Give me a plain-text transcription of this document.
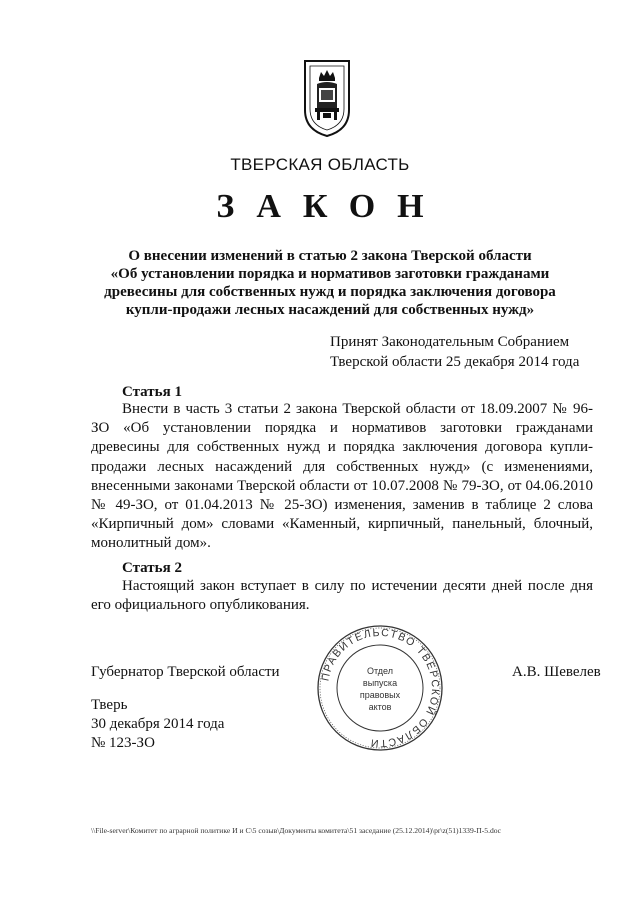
ТВЕРСКАЯ ОБЛАСТЬ
ЗАКОН
О внесении изменений в статью 2 закона Тверской области
«Об установлении порядка и нормативов заготовки гражданами
древесины для собственных нужд и порядка заключения договора
купли-продажи лесных насаждений для собственных нужд»
Принят Законодательным Собранием
Тверской области 25 декабря 2014 года
Статья 1
Внести в часть 3 статьи 2 закона Тверской области от 18.09.2007 № 96-ЗО «Об установлении порядка и нормативов заготовки гражданами древесины для собственных нужд и порядка заключения договора купли-продажи лесных насаждений для собственных нужд» (с изменениями, внесенными законами Тверской области от 10.07.2008 № 79-ЗО, от 04.06.2010 № 49-ЗО, от 01.04.2013 № 25-ЗО) изменения, заменив в таблице 2 слова «Кирпичный дом» словами «Каменный, кирпичный, панельный, блочный, монолитный дом».
Статья 2
Настоящий закон вступает в силу по истечении десяти дней после дня его официального опубликования.
Губернатор Тверской области	А.В. Шевелев
ПРАВИТЕЛЬСТВО ТВЕРСКОЙ ОБЛАСТИ
Отдел
выпуска
правовых
актов
Тверь
30 декабря 2014 года
№ 123-ЗО
\\File-server\Комитет по аграрной политике И и С\5 созыв\Документы комитета\51 заседание (25.12.2014)\pr\z(51)1339-П-5.doc
